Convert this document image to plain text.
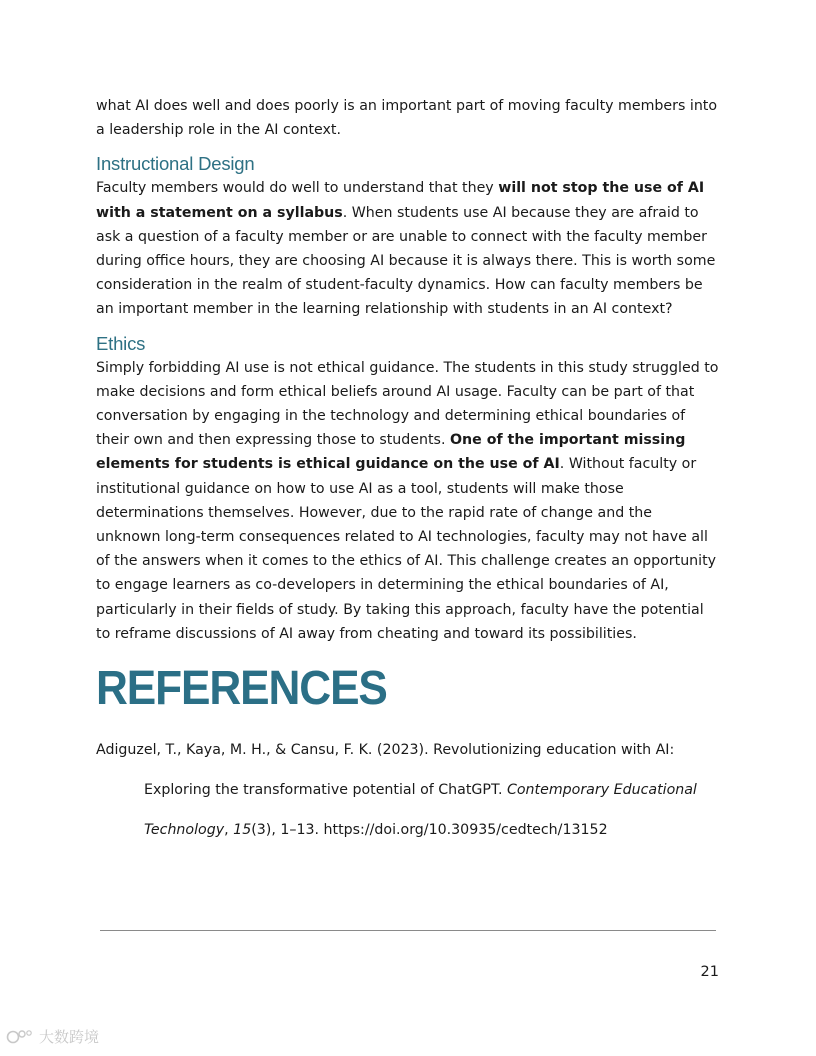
what AI does well and does poorly is an important part of moving faculty members into a leadership role in the AI context.

Instructional Design

Faculty members would do well to understand that they will not stop the use of AI with a statement on a syllabus. When students use AI because they are afraid to ask a question of a faculty member or are unable to connect with the faculty member during office hours, they are choosing AI because it is always there. This is worth some consideration in the realm of student-faculty dynamics. How can faculty members be an important member in the learning relationship with students in an AI context?

Ethics

Simply forbidding AI use is not ethical guidance. The students in this study struggled to make decisions and form ethical beliefs around AI usage. Faculty can be part of that conversation by engaging in the technology and determining ethical boundaries of their own and then expressing those to students. One of the important missing elements for students is ethical guidance on the use of AI. Without faculty or institutional guidance on how to use AI as a tool, students will make those determinations themselves. However, due to the rapid rate of change and the unknown long-term consequences related to AI technologies, faculty may not have all of the answers when it comes to the ethics of AI. This challenge creates an opportunity to engage learners as co-developers in determining the ethical boundaries of AI, particularly in their fields of study. By taking this approach, faculty have the potential to reframe discussions of AI away from cheating and toward its possibilities.

REFERENCES

Adiguzel, T., Kaya, M. H., & Cansu, F. K. (2023). Revolutionizing education with AI: Exploring the transformative potential of ChatGPT. Contemporary Educational Technology, 15(3), 1–13. https://doi.org/10.30935/cedtech/13152

21
大数跨境
